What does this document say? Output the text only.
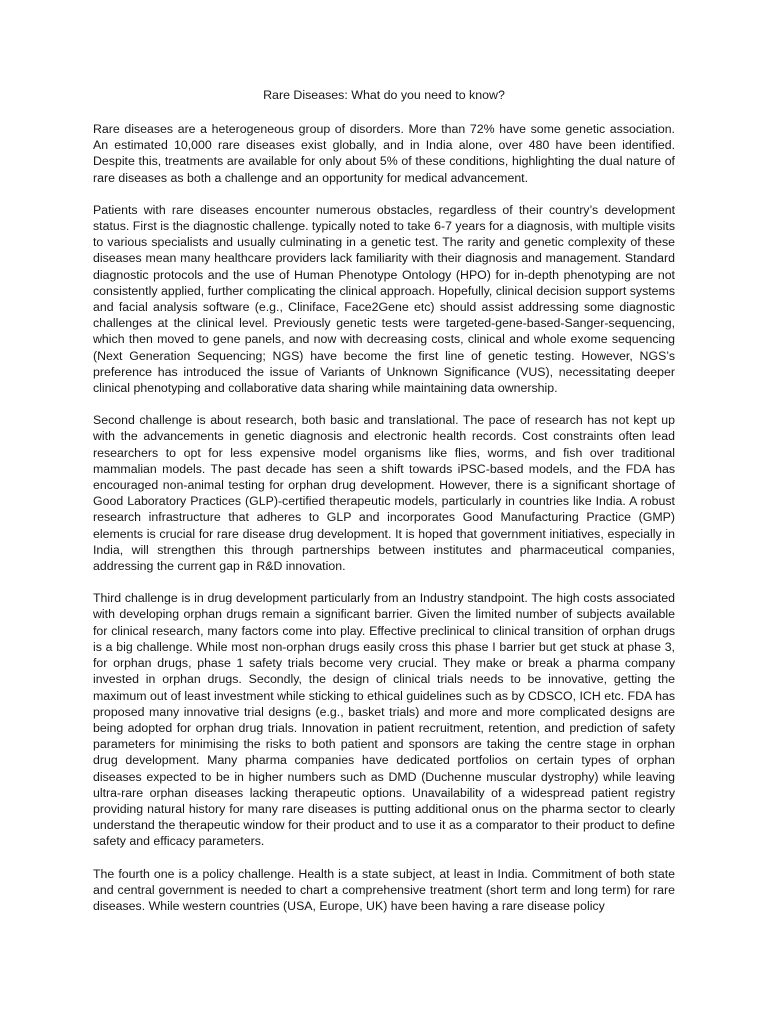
Rare Diseases: What do you need to know?

Rare diseases are a heterogeneous group of disorders. More than 72% have some genetic association. An estimated 10,000 rare diseases exist globally, and in India alone, over 480 have been identified. Despite this, treatments are available for only about 5% of these conditions, highlighting the dual nature of rare diseases as both a challenge and an opportunity for medical advancement.

Patients with rare diseases encounter numerous obstacles, regardless of their country’s development status. First is the diagnostic challenge. typically noted to take 6-7 years for a diagnosis, with multiple visits to various specialists and usually culminating in a genetic test. The rarity and genetic complexity of these diseases mean many healthcare providers lack familiarity with their diagnosis and management. Standard diagnostic protocols and the use of Human Phenotype Ontology (HPO) for in-depth phenotyping are not consistently applied, further complicating the clinical approach. Hopefully, clinical decision support systems and facial analysis software (e.g., Cliniface, Face2Gene etc) should assist addressing some diagnostic challenges at the clinical level. Previously genetic tests were targeted-gene-based-Sanger-sequencing, which then moved to gene panels, and now with decreasing costs, clinical and whole exome sequencing (Next Generation Sequencing; NGS) have become the first line of genetic testing. However, NGS’s preference has introduced the issue of Variants of Unknown Significance (VUS), necessitating deeper clinical phenotyping and collaborative data sharing while maintaining data ownership.

Second challenge is about research, both basic and translational. The pace of research has not kept up with the advancements in genetic diagnosis and electronic health records. Cost constraints often lead researchers to opt for less expensive model organisms like flies, worms, and fish over traditional mammalian models. The past decade has seen a shift towards iPSC-based models, and the FDA has encouraged non-animal testing for orphan drug development. However, there is a significant shortage of Good Laboratory Practices (GLP)-certified therapeutic models, particularly in countries like India. A robust research infrastructure that adheres to GLP and incorporates Good Manufacturing Practice (GMP) elements is crucial for rare disease drug development. It is hoped that government initiatives, especially in India, will strengthen this through partnerships between institutes and pharmaceutical companies, addressing the current gap in R&D innovation.

Third challenge is in drug development particularly from an Industry standpoint. The high costs associated with developing orphan drugs remain a significant barrier. Given the limited number of subjects available for clinical research, many factors come into play. Effective preclinical to clinical transition of orphan drugs is a big challenge. While most non-orphan drugs easily cross this phase I barrier but get stuck at phase 3, for orphan drugs, phase 1 safety trials become very crucial. They make or break a pharma company invested in orphan drugs. Secondly, the design of clinical trials needs to be innovative, getting the maximum out of least investment while sticking to ethical guidelines such as by CDSCO, ICH etc. FDA has proposed many innovative trial designs (e.g., basket trials) and more and more complicated designs are being adopted for orphan drug trials. Innovation in patient recruitment, retention, and prediction of safety parameters for minimising the risks to both patient and sponsors are taking the centre stage in orphan drug development. Many pharma companies have dedicated portfolios on certain types of orphan diseases expected to be in higher numbers such as DMD (Duchenne muscular dystrophy) while leaving ultra-rare orphan diseases lacking therapeutic options. Unavailability of a widespread patient registry providing natural history for many rare diseases is putting additional onus on the pharma sector to clearly understand the therapeutic window for their product and to use it as a comparator to their product to define safety and efficacy parameters.

The fourth one is a policy challenge. Health is a state subject, at least in India. Commitment of both state and central government is needed to chart a comprehensive treatment (short term and long term) for rare diseases. While western countries (USA, Europe, UK) have been having a rare disease policy
